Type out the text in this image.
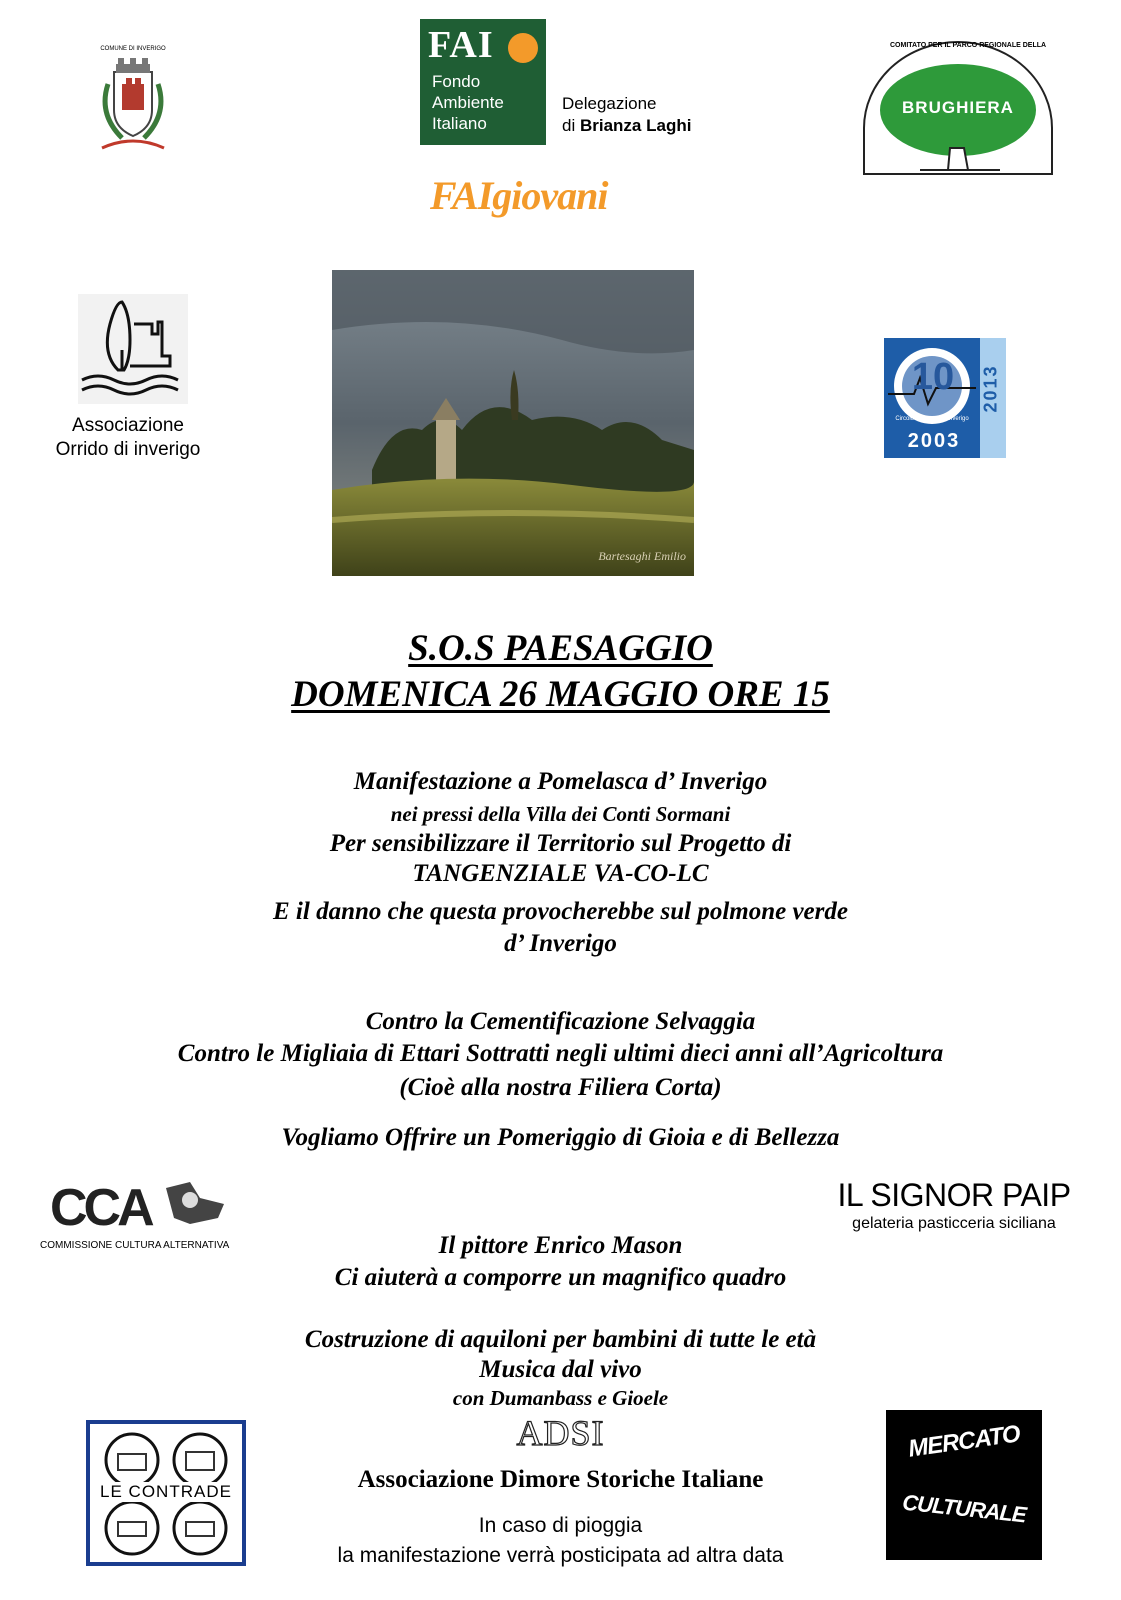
COMUNE DI INVERIGO	FAI
Fondo
Ambiente
Italiano
Delegazione
di Brianza Laghi
FAIgiovani
COMITATO PER IL PARCO REGIONALE DELLA
BRUGHIERA
Associazione
Orrido di inverigo
Bartesaghi Emilio
10
Circolo Fotografico Inverigo
2003
2013
S.O.S PAESAGGIO
DOMENICA 26 MAGGIO ORE 15
Manifestazione a Pomelasca d’ Inverigo
nei pressi della Villa dei Conti Sormani
Per sensibilizzare il Territorio sul Progetto di
TANGENZIALE VA-CO-LC
E il danno che questa provocherebbe sul polmone verde
d’ Inverigo
Contro la Cementificazione Selvaggia
Contro le Migliaia di Ettari Sottratti negli ultimi dieci anni all’Agricoltura
(Cioè alla nostra Filiera Corta)
Vogliamo Offrire un Pomeriggio di Gioia e di Bellezza
CCA
COMMISSIONE CULTURA ALTERNATIVA
IL SIGNOR PAIP
gelateria pasticceria siciliana
Il pittore Enrico Mason
Ci aiuterà a comporre un magnifico quadro
Costruzione di aquiloni per bambini di tutte le età
Musica dal vivo
con Dumanbass e Gioele
LE CONTRADE
ADSI
Associazione Dimore Storiche Italiane
In caso di pioggia
la manifestazione verrà posticipata ad altra data
MERCATO
CULTURALE
